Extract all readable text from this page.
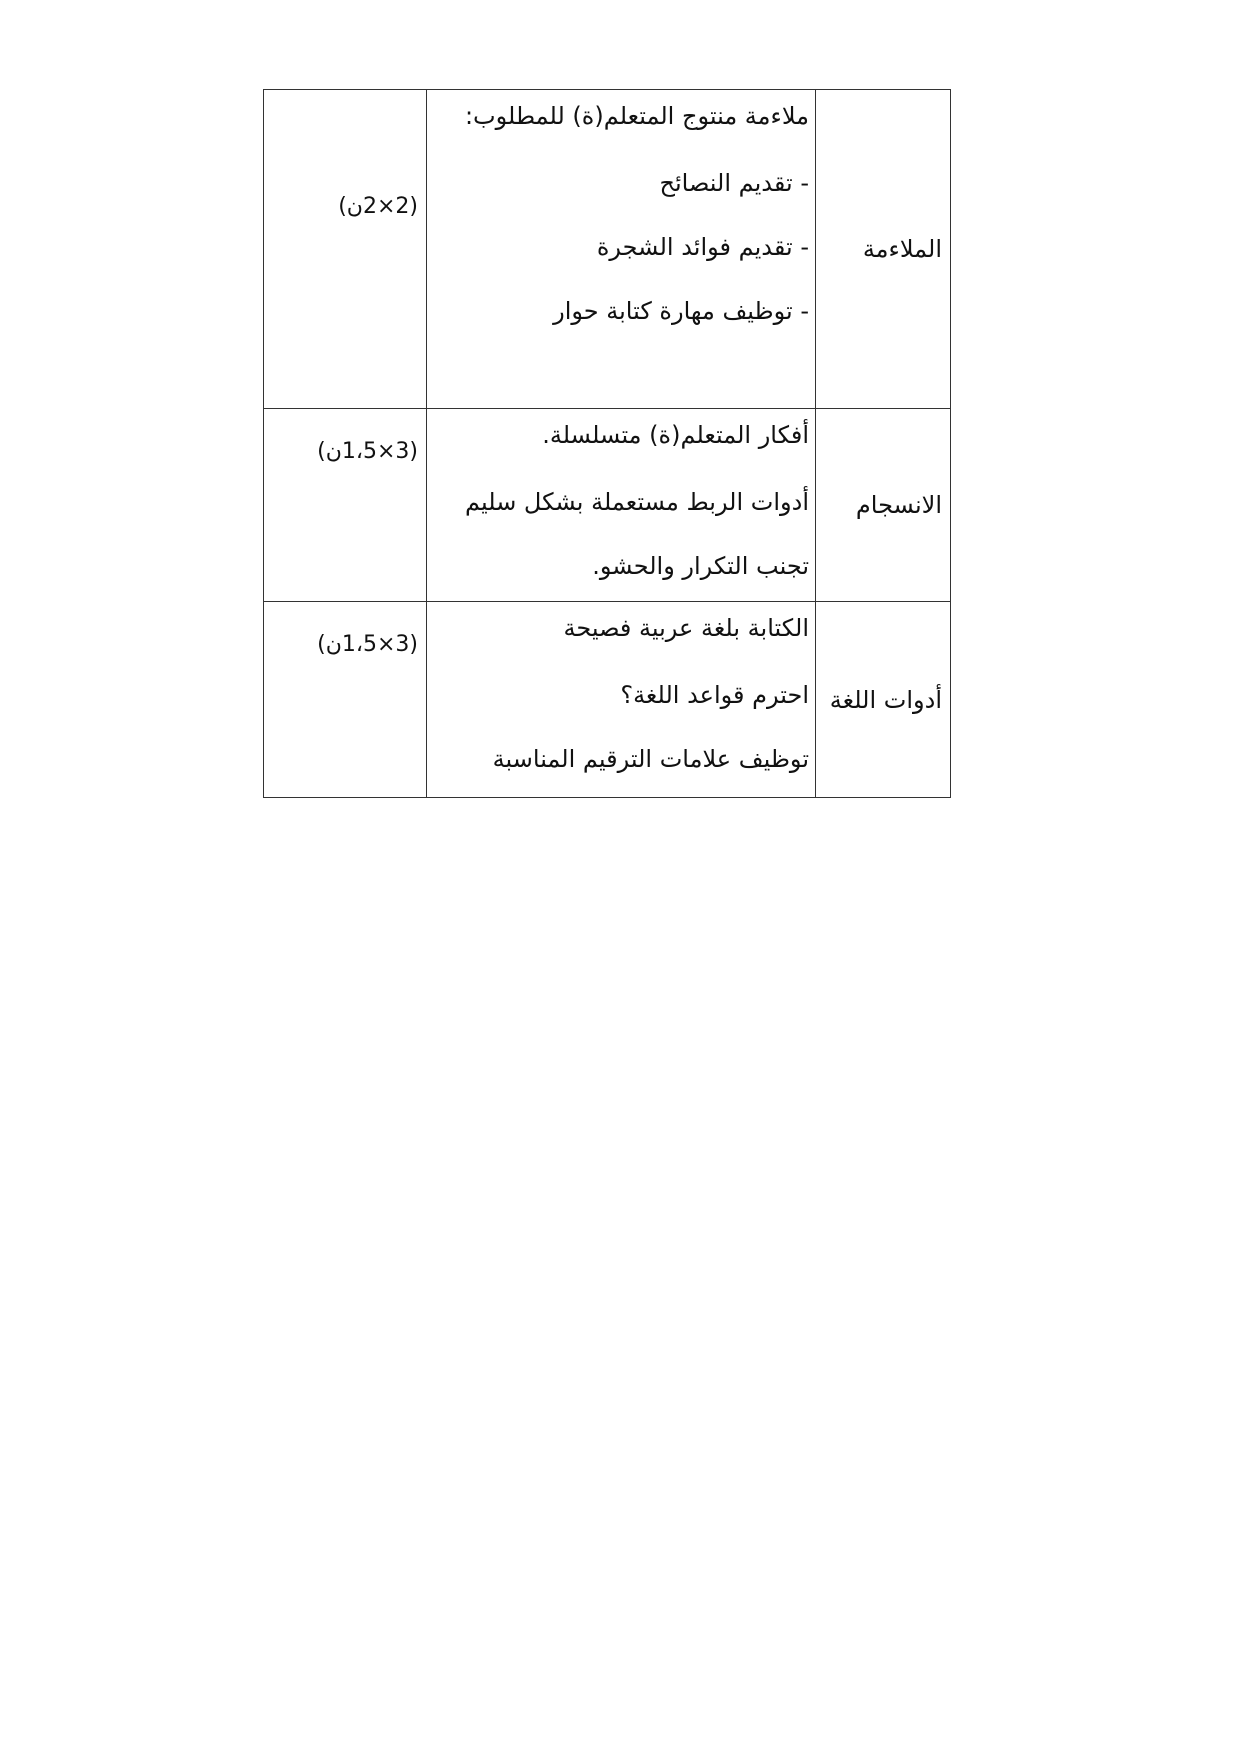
الملاءمة	ملاءمة منتوج المتعلم(ة) للمطلوب:
- تقديم النصائح
- تقديم فوائد الشجرة
- توظيف مهارة كتابة حوار	(2×2ن)

الانسجام	أفكار المتعلم(ة) متسلسلة.
أدوات الربط مستعملة بشكل سليم
تجنب التكرار والحشو.	(3×1،5ن)

أدوات اللغة	الكتابة بلغة عربية فصيحة
احترم قواعد اللغة؟
توظيف علامات الترقيم المناسبة	(3×1،5ن)
